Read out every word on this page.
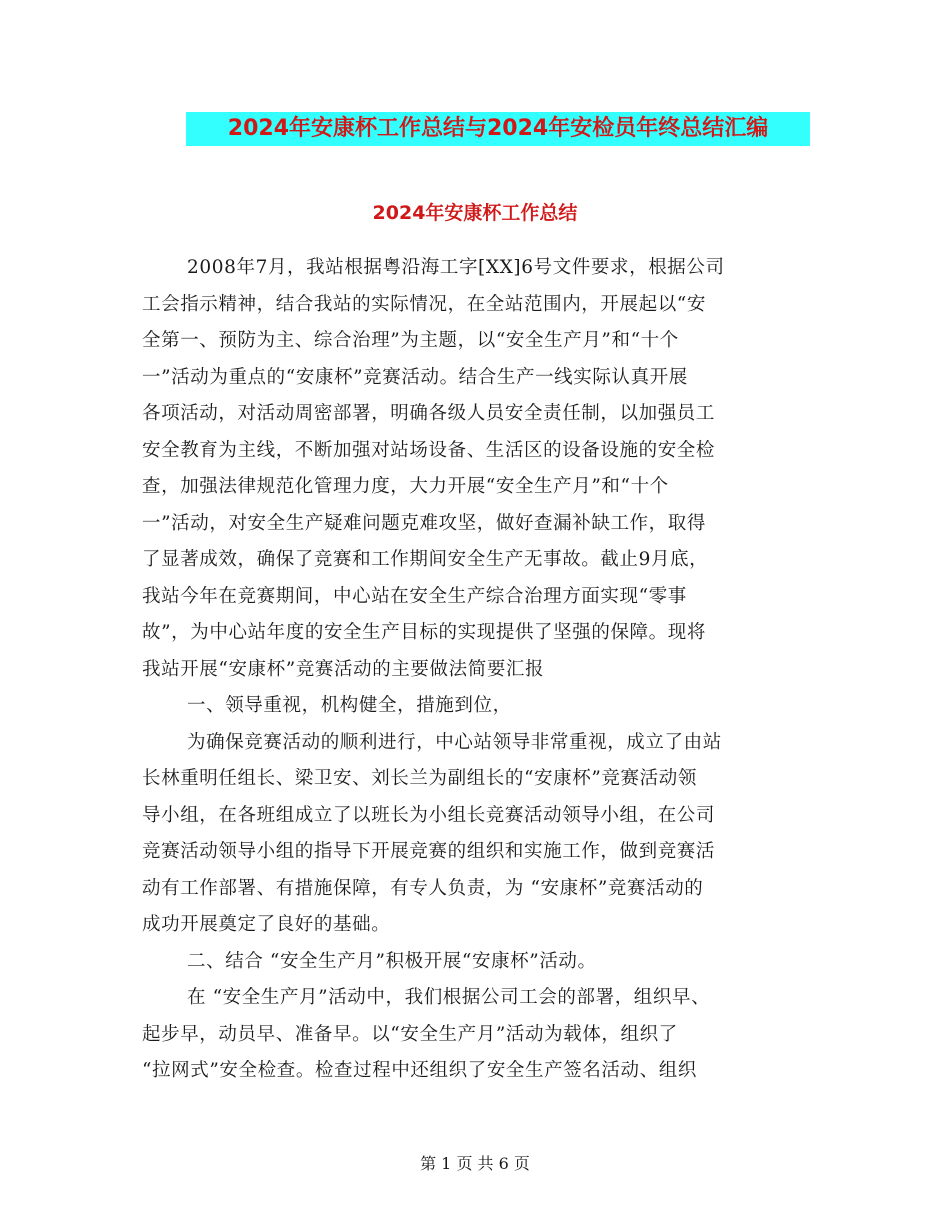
2024年安康杯工作总结与2024年安检员年终总结汇编
2024年安康杯工作总结
2008年7月，我站根据粤沿海工字[XX]6号文件要求，根据公司
工会指示精神，结合我站的实际情况，在全站范围内，开展起以“安
全第一、预防为主、综合治理”为主题，以“安全生产月”和“十个
一”活动为重点的“安康杯”竞赛活动。结合生产一线实际认真开展
各项活动，对活动周密部署，明确各级人员安全责任制，以加强员工
安全教育为主线，不断加强对站场设备、生活区的设备设施的安全检
查，加强法律规范化管理力度，大力开展“安全生产月”和“十个
一”活动，对安全生产疑难问题克难攻坚，做好查漏补缺工作，取得
了显著成效，确保了竞赛和工作期间安全生产无事故。截止9月底，
我站今年在竞赛期间，中心站在安全生产综合治理方面实现“零事
故”，为中心站年度的安全生产目标的实现提供了坚强的保障。现将
我站开展“安康杯”竞赛活动的主要做法简要汇报
一、领导重视，机构健全，措施到位，
为确保竞赛活动的顺利进行，中心站领导非常重视，成立了由站
长林重明任组长、梁卫安、刘长兰为副组长的“安康杯”竞赛活动领
导小组，在各班组成立了以班长为小组长竞赛活动领导小组，在公司
竞赛活动领导小组的指导下开展竞赛的组织和实施工作，做到竞赛活
动有工作部署、有措施保障，有专人负责，为 “安康杯”竞赛活动的
成功开展奠定了良好的基础。
二、结合 “安全生产月”积极开展“安康杯”活动。
在 “安全生产月”活动中，我们根据公司工会的部署，组织早、
起步早，动员早、准备早。以“安全生产月”活动为载体，组织了
“拉网式”安全检查。检查过程中还组织了安全生产签名活动、组织
第 1 页 共 6 页
